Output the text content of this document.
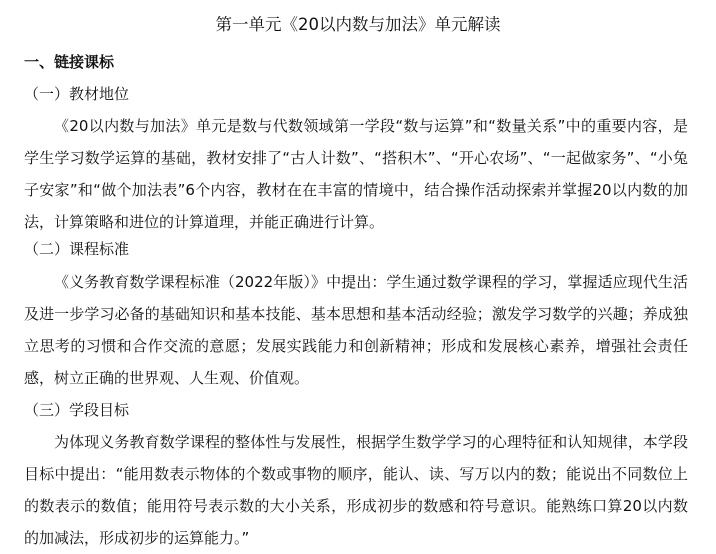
第一单元《20以内数与加法》单元解读
一、链接课标
（一）教材地位

《20以内数与加法》单元是数与代数领域第一学段“数与运算”和“数量关系”中的重要内容，是学生学习数学运算的基础，教材安排了“古人计数”、“搭积木”、“开心农场”、“一起做家务”、“小兔子安家”和“做个加法表”6个内容，教材在在丰富的情境中，结合操作活动探索并掌握20以内数的加法，计算策略和进位的计算道理，并能正确进行计算。

（二）课程标准

《义务教育数学课程标准（2022年版）》中提出：学生通过数学课程的学习，掌握适应现代生活及进一步学习必备的基础知识和基本技能、基本思想和基本活动经验；激发学习数学的兴趣；养成独立思考的习惯和合作交流的意愿；发展实践能力和创新精神；形成和发展核心素养，增强社会责任感，树立正确的世界观、人生观、价值观。

（三）学段目标

为体现义务教育数学课程的整体性与发展性，根据学生数学学习的心理特征和认知规律，本学段目标中提出：“能用数表示物体的个数或事物的顺序，能认、读、写万以内的数；能说出不同数位上的数表示的数值；能用符号表示数的大小关系，形成初步的数感和符号意识。能熟练口算20以内数的加减法，形成初步的运算能力。”
